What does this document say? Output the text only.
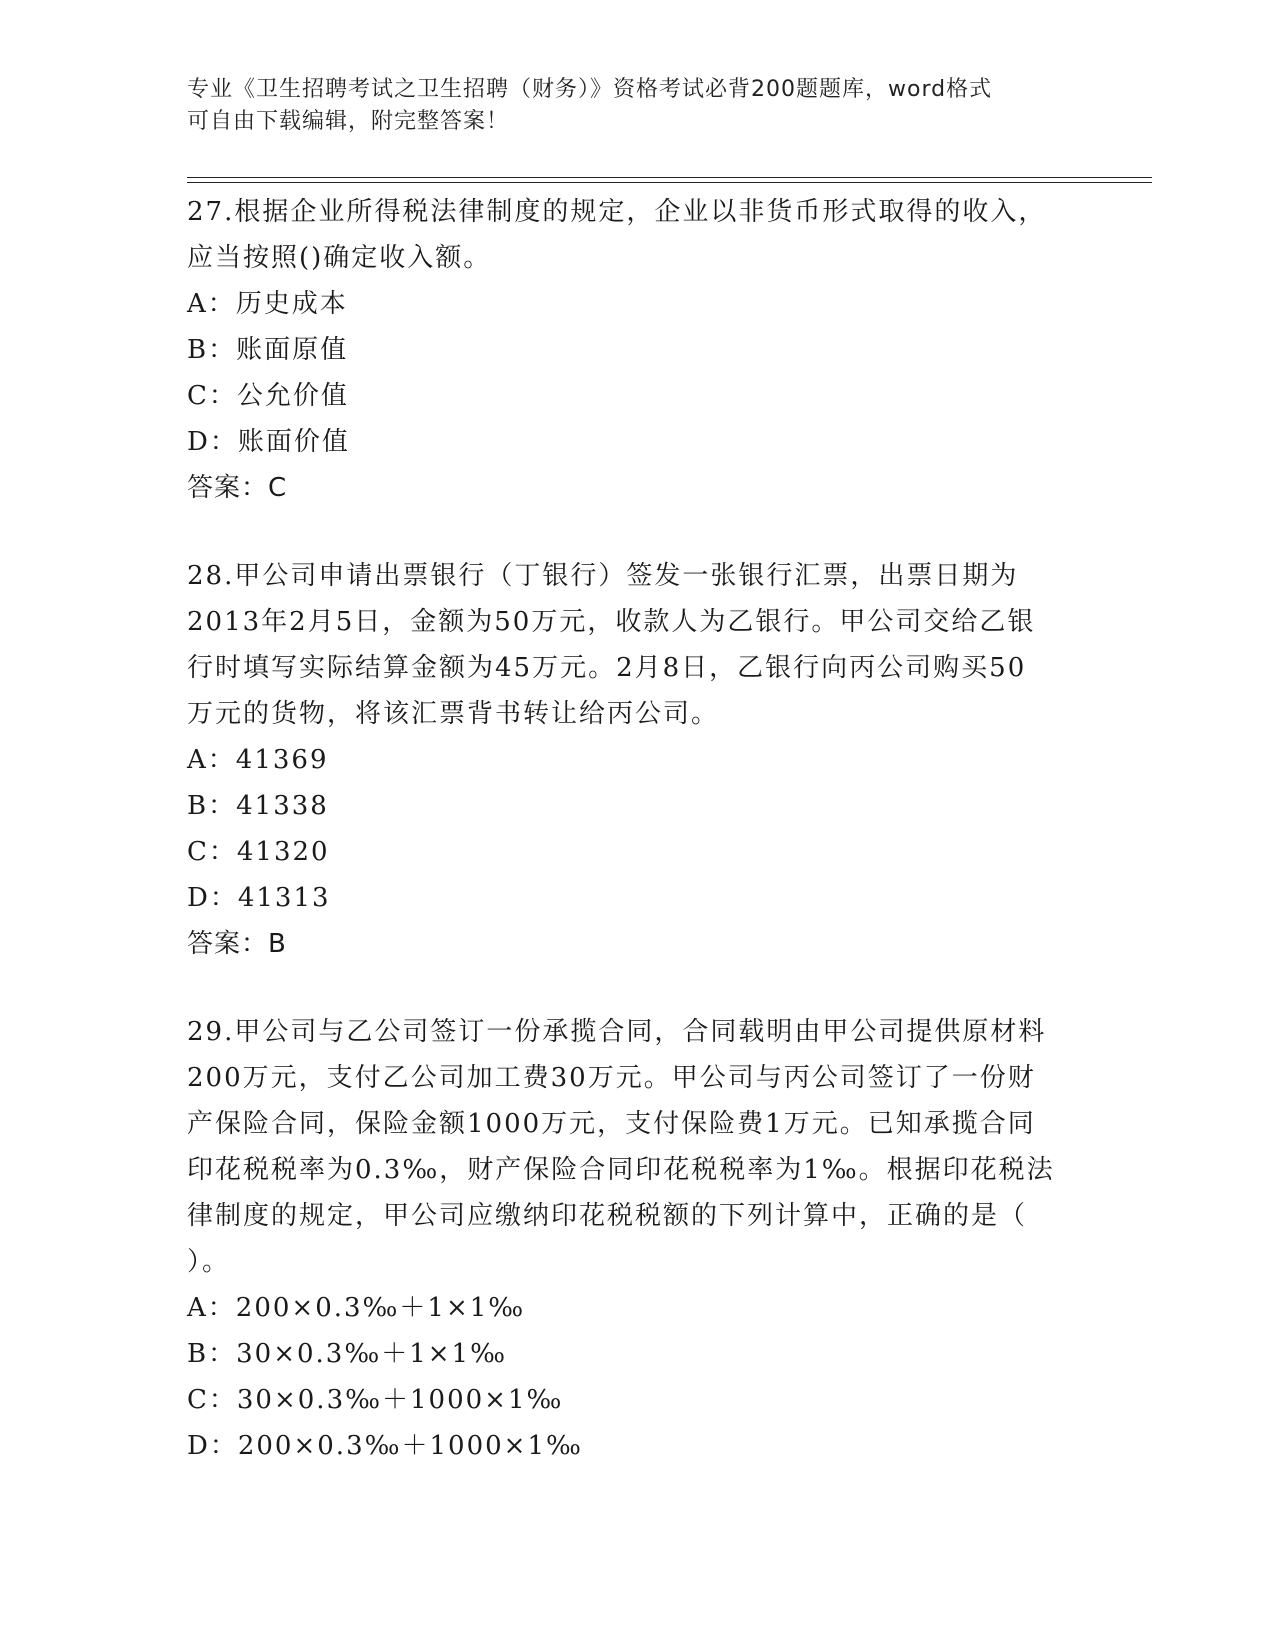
专业《卫生招聘考试之卫生招聘（财务）》资格考试必背200题题库，word格式
可自由下载编辑，附完整答案！
27.根据企业所得税法律制度的规定，企业以非货币形式取得的收入，
应当按照()确定收入额。
A：历史成本
B：账面原值
C：公允价值
D：账面价值
答案：C
28.甲公司申请出票银行（丁银行）签发一张银行汇票，出票日期为
2013年2月5日，金额为50万元，收款人为乙银行。甲公司交给乙银
行时填写实际结算金额为45万元。2月8日，乙银行向丙公司购买50
万元的货物，将该汇票背书转让给丙公司。
A：41369
B：41338
C：41320
D：41313
答案：B
29.甲公司与乙公司签订一份承揽合同，合同载明由甲公司提供原材料
200万元，支付乙公司加工费30万元。甲公司与丙公司签订了一份财
产保险合同，保险金额1000万元，支付保险费1万元。已知承揽合同
印花税税率为0.3‰，财产保险合同印花税税率为1‰。根据印花税法
律制度的规定，甲公司应缴纳印花税税额的下列计算中，正确的是（
）。
A：200×0.3‰＋1×1‰
B：30×0.3‰＋1×1‰
C：30×0.3‰＋1000×1‰
D：200×0.3‰＋1000×1‰
